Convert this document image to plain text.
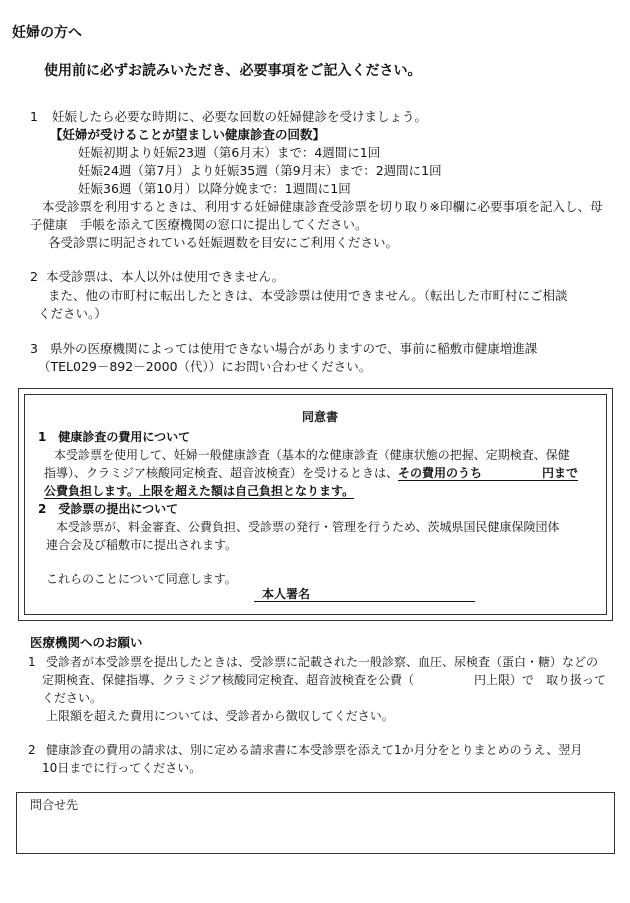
妊婦の方へ
使用前に必ずお読みいただき、必要事項をご記入ください。
1 妊娠したら必要な時期に、必要な回数の妊婦健診を受けましょう。
【妊婦が受けることが望ましい健康診査の回数】
妊娠初期より妊娠23週（第6月末）まで：4週間に1回
妊娠24週（第7月）より妊娠35週（第9月末）まで：2週間に1回
妊娠36週（第10月）以降分娩まで：1週間に1回
本受診票を利用するときは、利用する妊婦健康診査受診票を切り取り※印欄に必要事項を記入し、母
子健康　手帳を添えて医療機関の窓口に提出してください。
各受診票に明記されている妊娠週数を目安にご利用ください。
2 本受診票は、本人以外は使用できません。
また、他の市町村に転出したときは、本受診票は使用できません。（転出した市町村にご相談
ください。）
3 県外の医療機関によっては使用できない場合がありますので、事前に稲敷市健康増進課
（TEL029－892－2000（代））にお問い合わせください。
同意書
1　健康診査の費用について
本受診票を使用して、妊婦一般健康診査（基本的な健康診査（健康状態の把握、定期検査、保健
指導）、クラミジア核酸同定検査、超音波検査）を受けるときは、その費用のうち　　　　　円まで
公費負担します。上限を超えた額は自己負担となります。
2　受診票の提出について
本受診票が、料金審査、公費負担、受診票の発行・管理を行うため、茨城県国民健康保険団体
連合会及び稲敷市に提出されます。
これらのことについて同意します。
本人署名
医療機関へのお願い
1 受診者が本受診票を提出したときは、受診票に記載された一般診察、血圧、尿検査（蛋白・糖）などの
定期検査、保健指導、クラミジア核酸同定検査、超音波検査を公費（　　　　　円上限）で　取り扱って
ください。
上限額を超えた費用については、受診者から徴収してください。
2 健康診査の費用の請求は、別に定める請求書に本受診票を添えて1か月分をとりまとめのうえ、翌月
10日までに行ってください。
問合せ先
